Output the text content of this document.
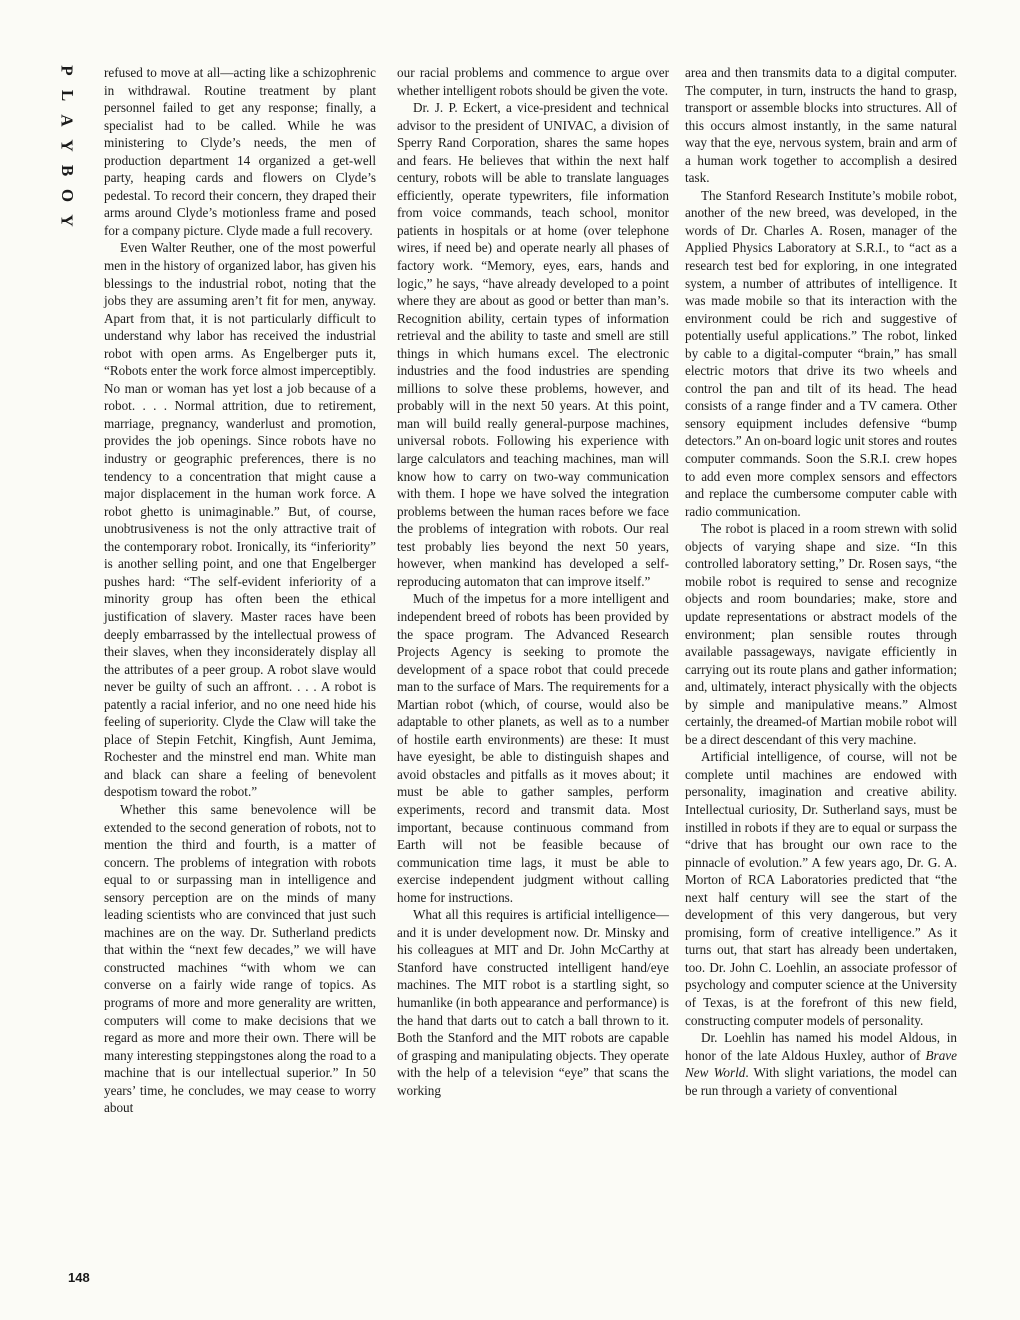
P
L
A
Y
B
O
Y

refused to move at all—acting like a schizophrenic in withdrawal. Routine treatment by plant personnel failed to get any response; finally, a specialist had to be called. While he was ministering to Clyde’s needs, the men of production department 14 organized a get-well party, heaping cards and flowers on Clyde’s pedestal. To record their concern, they draped their arms around Clyde’s motionless frame and posed for a company picture. Clyde made a full recovery.

Even Walter Reuther, one of the most powerful men in the history of organized labor, has given his blessings to the industrial robot, noting that the jobs they are assuming aren’t fit for men, anyway. Apart from that, it is not particularly difficult to understand why labor has received the industrial robot with open arms. As Engelberger puts it, “Robots enter the work force almost imperceptibly. No man or woman has yet lost a job because of a robot. . . . Normal attrition, due to retirement, marriage, pregnancy, wanderlust and promotion, provides the job openings. Since robots have no industry or geographic preferences, there is no tendency to a concentration that might cause a major displacement in the human work force. A robot ghetto is unimaginable.” But, of course, unobtrusiveness is not the only attractive trait of the contemporary robot. Ironically, its “inferiority” is another selling point, and one that Engelberger pushes hard: “The self-evident inferiority of a minority group has often been the ethical justification of slavery. Master races have been deeply embarrassed by the intellectual prowess of their slaves, when they inconsiderately display all the attributes of a peer group. A robot slave would never be guilty of such an affront. . . . A robot is patently a racial inferior, and no one need hide his feeling of superiority. Clyde the Claw will take the place of Stepin Fetchit, Kingfish, Aunt Jemima, Rochester and the minstrel end man. White man and black can share a feeling of benevolent despotism toward the robot.”

Whether this same benevolence will be extended to the second generation of robots, not to mention the third and fourth, is a matter of concern. The problems of integration with robots equal to or surpassing man in intelligence and sensory perception are on the minds of many leading scientists who are convinced that just such machines are on the way. Dr. Sutherland predicts that within the “next few decades,” we will have constructed machines “with whom we can converse on a fairly wide range of topics. As programs of more and more generality are written, computers will come to make decisions that we regard as more and more their own. There will be many interesting steppingstones along the road to a machine that is our intellectual superior.” In 50 years’ time, he concludes, we may cease to worry about

our racial problems and commence to argue over whether intelligent robots should be given the vote.

Dr. J. P. Eckert, a vice-president and technical advisor to the president of UNIVAC, a division of Sperry Rand Corporation, shares the same hopes and fears. He believes that within the next half century, robots will be able to translate languages efficiently, operate typewriters, file information from voice commands, teach school, monitor patients in hospitals or at home (over telephone wires, if need be) and operate nearly all phases of factory work. “Memory, eyes, ears, hands and logic,” he says, “have already developed to a point where they are about as good or better than man’s. Recognition ability, certain types of information retrieval and the ability to taste and smell are still things in which humans excel. The electronic industries and the food industries are spending millions to solve these problems, however, and probably will in the next 50 years. At this point, man will build really general-purpose machines, universal robots. Following his experience with large calculators and teaching machines, man will know how to carry on two-way communication with them. I hope we have solved the integration problems between the human races before we face the problems of integration with robots. Our real test probably lies beyond the next 50 years, however, when mankind has developed a self-reproducing automaton that can improve itself.”

Much of the impetus for a more intelligent and independent breed of robots has been provided by the space program. The Advanced Research Projects Agency is seeking to promote the development of a space robot that could precede man to the surface of Mars. The requirements for a Martian robot (which, of course, would also be adaptable to other planets, as well as to a number of hostile earth environments) are these: It must have eyesight, be able to distinguish shapes and avoid obstacles and pitfalls as it moves about; it must be able to gather samples, perform experiments, record and transmit data. Most important, because continuous command from Earth will not be feasible because of communication time lags, it must be able to exercise independent judgment without calling home for instructions.

What all this requires is artificial intelligence—and it is under development now. Dr. Minsky and his colleagues at MIT and Dr. John McCarthy at Stanford have constructed intelligent hand/eye machines. The MIT robot is a startling sight, so humanlike (in both appearance and performance) is the hand that darts out to catch a ball thrown to it. Both the Stanford and the MIT robots are capable of grasping and manipulating objects. They operate with the help of a television “eye” that scans the working

area and then transmits data to a digital computer. The computer, in turn, instructs the hand to grasp, transport or assemble blocks into structures. All of this occurs almost instantly, in the same natural way that the eye, nervous system, brain and arm of a human work together to accomplish a desired task.

The Stanford Research Institute’s mobile robot, another of the new breed, was developed, in the words of Dr. Charles A. Rosen, manager of the Applied Physics Laboratory at S.R.I., to “act as a research test bed for exploring, in one integrated system, a number of attributes of intelligence. It was made mobile so that its interaction with the environment could be rich and suggestive of potentially useful applications.” The robot, linked by cable to a digital-computer “brain,” has small electric motors that drive its two wheels and control the pan and tilt of its head. The head consists of a range finder and a TV camera. Other sensory equipment includes defensive “bump detectors.” An on-board logic unit stores and routes computer commands. Soon the S.R.I. crew hopes to add even more complex sensors and effectors and replace the cumbersome computer cable with radio communication.

The robot is placed in a room strewn with solid objects of varying shape and size. “In this controlled laboratory setting,” Dr. Rosen says, “the mobile robot is required to sense and recognize objects and room boundaries; make, store and update representations or abstract models of the environment; plan sensible routes through available passageways, navigate efficiently in carrying out its route plans and gather information; and, ultimately, interact physically with the objects by simple and manipulative means.” Almost certainly, the dreamed-of Martian mobile robot will be a direct descendant of this very machine.

Artificial intelligence, of course, will not be complete until machines are endowed with personality, imagination and creative ability. Intellectual curiosity, Dr. Sutherland says, must be instilled in robots if they are to equal or surpass the “drive that has brought our own race to the pinnacle of evolution.” A few years ago, Dr. G. A. Morton of RCA Laboratories predicted that “the next half century will see the start of the development of this very dangerous, but very promising, form of creative intelligence.” As it turns out, that start has already been undertaken, too. Dr. John C. Loehlin, an associate professor of psychology and computer science at the University of Texas, is at the forefront of this new field, constructing computer models of personality.

Dr. Loehlin has named his model Aldous, in honor of the late Aldous Huxley, author of Brave New World. With slight variations, the model can be run through a variety of conventional

148
